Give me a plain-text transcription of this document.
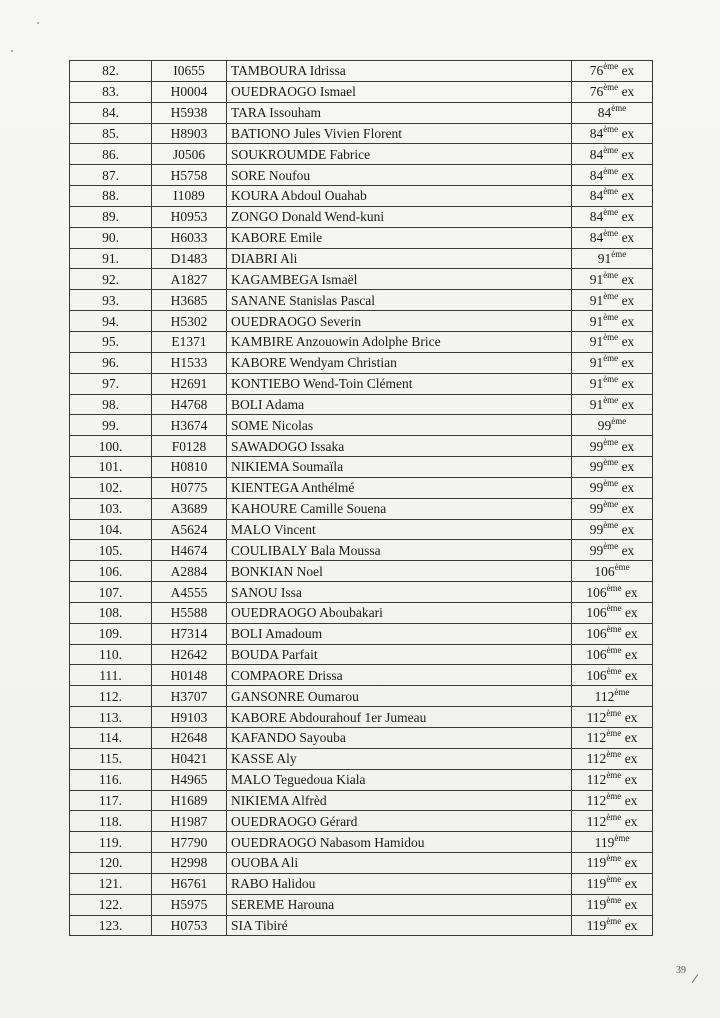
82.	I0655	TAMBOURA Idrissa	76ème ex
83.	H0004	OUEDRAOGO Ismael	76ème ex
84.	H5938	TARA Issouham	84ème
85.	H8903	BATIONO Jules Vivien Florent	84ème ex
86.	J0506	SOUKROUMDE Fabrice	84ème ex
87.	H5758	SORE Noufou	84ème ex
88.	I1089	KOURA Abdoul Ouahab	84ème ex
89.	H0953	ZONGO Donald Wend-kuni	84ème ex
90.	H6033	KABORE Emile	84ème ex
91.	D1483	DIABRI Ali	91ème
92.	A1827	KAGAMBEGA Ismaël	91ème ex
93.	H3685	SANANE Stanislas Pascal	91ème ex
94.	H5302	OUEDRAOGO Severin	91ème ex
95.	E1371	KAMBIRE Anzouowin Adolphe Brice	91ème ex
96.	H1533	KABORE Wendyam Christian	91ème ex
97.	H2691	KONTIEBO Wend-Toin Clément	91ème ex
98.	H4768	BOLI Adama	91ème ex
99.	H3674	SOME Nicolas	99ème
100.	F0128	SAWADOGO Issaka	99ème ex
101.	H0810	NIKIEMA Soumaïla	99ème ex
102.	H0775	KIENTEGA Anthélmé	99ème ex
103.	A3689	KAHOURE Camille Souena	99ème ex
104.	A5624	MALO Vincent	99ème ex
105.	H4674	COULIBALY Bala Moussa	99ème ex
106.	A2884	BONKIAN Noel	106ème
107.	A4555	SANOU Issa	106ème ex
108.	H5588	OUEDRAOGO Aboubakari	106ème ex
109.	H7314	BOLI Amadoum	106ème ex
110.	H2642	BOUDA Parfait	106ème ex
111.	H0148	COMPAORE Drissa	106ème ex
112.	H3707	GANSONRE Oumarou	112ème
113.	H9103	KABORE Abdourahouf 1er Jumeau	112ème ex
114.	H2648	KAFANDO Sayouba	112ème ex
115.	H0421	KASSE Aly	112ème ex
116.	H4965	MALO Teguedoua Kiala	112ème ex
117.	H1689	NIKIEMA Alfrèd	112ème ex
118.	H1987	OUEDRAOGO Gérard	112ème ex
119.	H7790	OUEDRAOGO Nabasom Hamidou	119ème
120.	H2998	OUOBA Ali	119ème ex
121.	H6761	RABO Halidou	119ème ex
122.	H5975	SEREME Harouna	119ème ex
123.	H0753	SIA Tibiré	119ème ex
39
